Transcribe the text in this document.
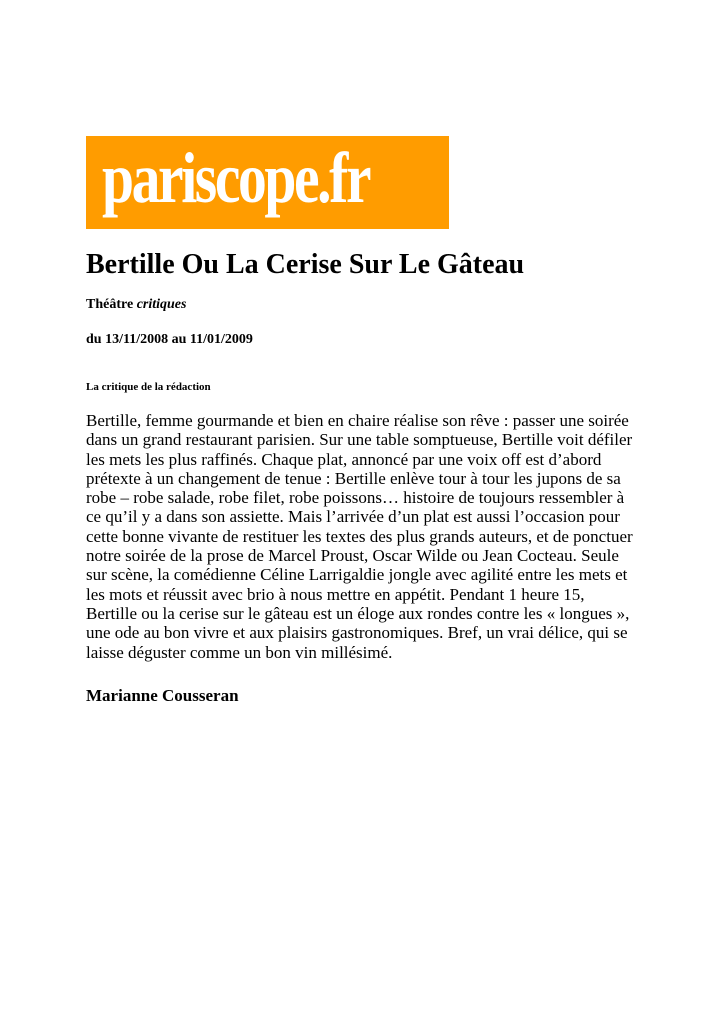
pariscope.fr
Bertille Ou La Cerise Sur Le Gâteau
Théâtre critiques
du 13/11/2008 au 11/01/2009
La critique de la rédaction

Bertille, femme gourmande et bien en chaire réalise son rêve : passer une soirée
dans un grand restaurant parisien. Sur une table somptueuse, Bertille voit défiler
les mets les plus raffinés. Chaque plat, annoncé par une voix off est d’abord
prétexte à un changement de tenue : Bertille enlève tour à tour les jupons de sa
robe – robe salade, robe filet, robe poissons… histoire de toujours ressembler à
ce qu’il y a dans son assiette. Mais l’arrivée d’un plat est aussi l’occasion pour
cette bonne vivante de restituer les textes des plus grands auteurs, et de ponctuer
notre soirée de la prose de Marcel Proust, Oscar Wilde ou Jean Cocteau. Seule
sur scène, la comédienne Céline Larrigaldie jongle avec agilité entre les mets et
les mots et réussit avec brio à nous mettre en appétit. Pendant 1 heure 15,
Bertille ou la cerise sur le gâteau est un éloge aux rondes contre les « longues »,
une ode au bon vivre et aux plaisirs gastronomiques. Bref, un vrai délice, qui se
laisse déguster comme un bon vin millésimé.

Marianne Cousseran
